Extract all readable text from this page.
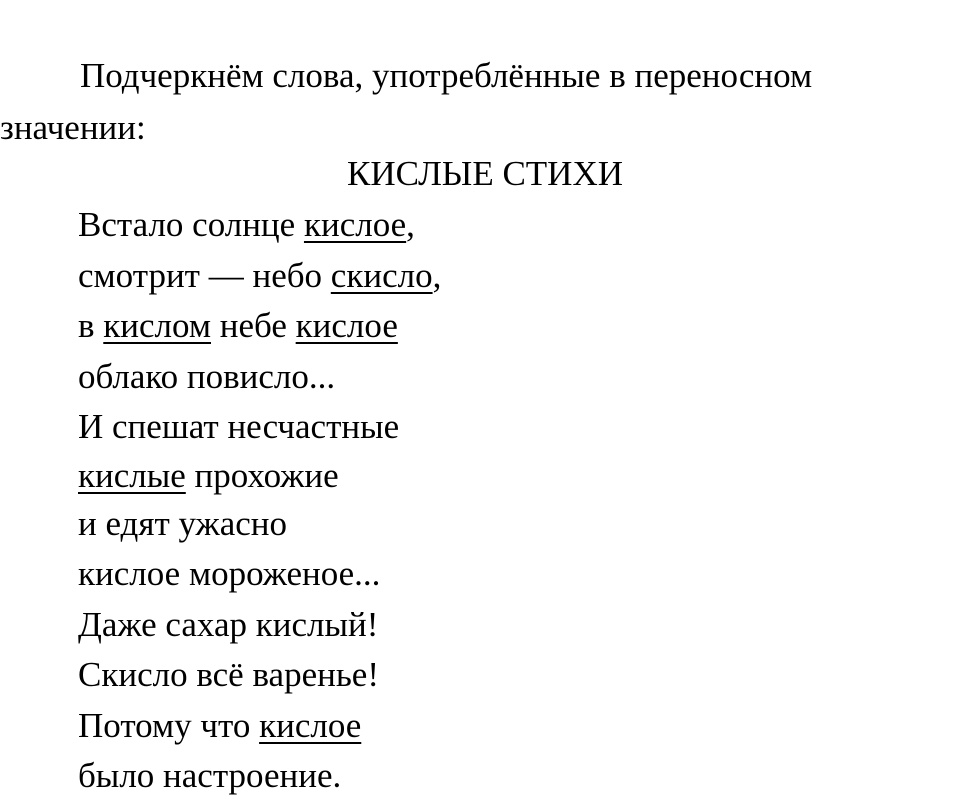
Подчеркнём слова, употреблённые в переносном
значении:

КИСЛЫЕ СТИХИ
Встало солнце кислое,
смотрит — небо скисло,
в кислом небе кислое
облако повисло...
И спешат несчастные
кислые прохожие
и едят ужасно
кислое мороженое...
Даже сахар кислый!
Скисло всё варенье!
Потому что кислое
было настроение.
